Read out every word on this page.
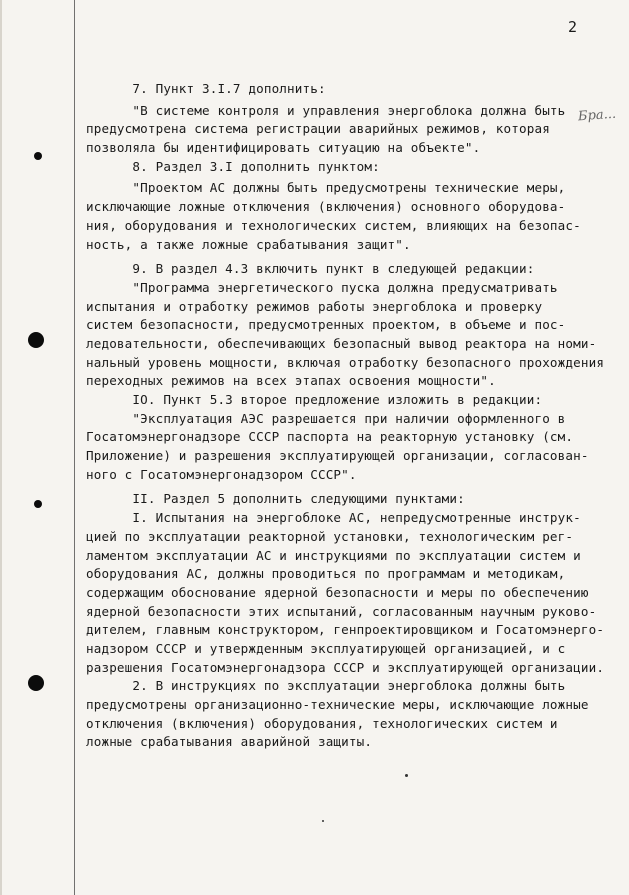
2
Бра...
7. Пункт 3.I.7 дополнить:
"В системе контроля и управления энергоблока должна быть
предусмотрена система регистрации аварийных режимов, которая
позволяла бы идентифицировать ситуацию на объекте".
8. Раздел 3.I дополнить пунктом:
"Проектом АС должны быть предусмотрены технические меры,
исключающие ложные отключения (включения) основного оборудова-
ния, оборудования и технологических систем, влияющих на безопас-
ность, а также ложные срабатывания защит".
9. В раздел 4.3 включить пункт в следующей редакции:
"Программа энергетического пуска должна предусматривать
испытания и отработку режимов работы энергоблока и проверку
систем безопасности, предусмотренных проектом, в объеме и пос-
ледовательности, обеспечивающих безопасный вывод реактора на номи-
нальный уровень мощности, включая отработку безопасного прохождения
переходных режимов на всех этапах освоения мощности".
IO. Пункт 5.3 второе предложение изложить в редакции:
"Эксплуатация АЭС разрешается при наличии оформленного в
Госатомэнергонадзоре СССР паспорта на реакторную установку (см.
Приложение) и разрешения эксплуатирующей организации, согласован-
ного с Госатомэнергонадзором СССР".
II. Раздел 5 дополнить следующими пунктами:
I. Испытания на энергоблоке АС, непредусмотренные инструк-
цией по эксплуатации реакторной установки, технологическим рег-
ламентом эксплуатации АС и инструкциями по эксплуатации систем и
оборудования АС, должны проводиться по программам и методикам,
содержащим обоснование ядерной безопасности и меры по обеспечению
ядерной безопасности этих испытаний, согласованным научным руково-
дителем, главным конструктором, генпроектировщиком и Госатомэнерго-
надзором СССР и утвержденным эксплуатирующей организацией, и с
разрешения Госатомэнергонадзора СССР и эксплуатирующей организации.
2. В инструкциях по эксплуатации энергоблока должны быть
предусмотрены организационно-технические меры, исключающие ложные
отключения (включения) оборудования, технологических систем и
ложные срабатывания аварийной защиты.
